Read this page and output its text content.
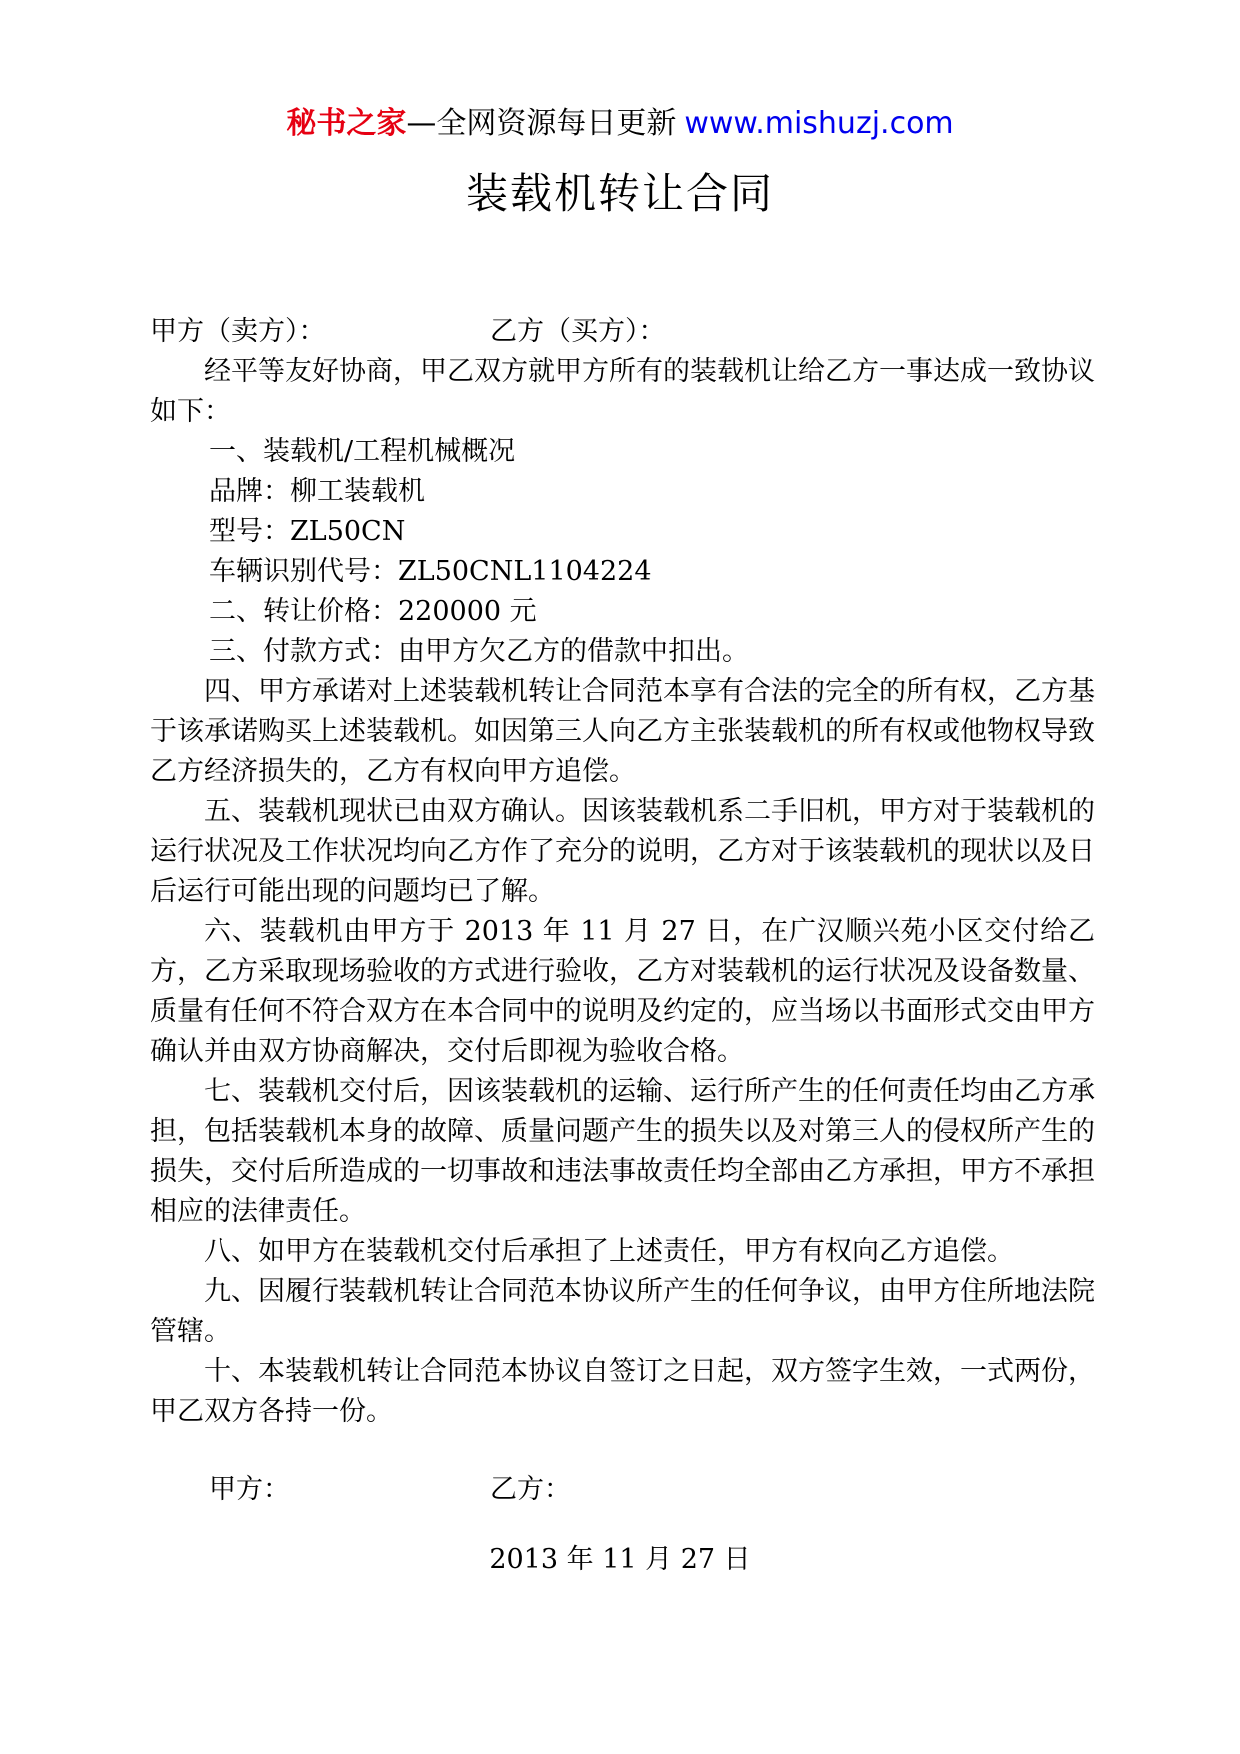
秘书之家—全网资源每日更新 www.mishuzj.com
装载机转让合同
甲方（卖方）：	乙方（买方）：

经平等友好协商，甲乙双方就甲方所有的装载机让给乙方一事达成一致协议如下：

一、装载机/工程机械概况

品牌：柳工装载机

型号：ZL50CN

车辆识别代号：ZL50CNL1104224

二、转让价格：220000 元

三、付款方式：由甲方欠乙方的借款中扣出。

四、甲方承诺对上述装载机转让合同范本享有合法的完全的所有权，乙方基于该承诺购买上述装载机。如因第三人向乙方主张装载机的所有权或他物权导致乙方经济损失的，乙方有权向甲方追偿。

五、装载机现状已由双方确认。因该装载机系二手旧机，甲方对于装载机的运行状况及工作状况均向乙方作了充分的说明，乙方对于该装载机的现状以及日后运行可能出现的问题均已了解。

六、装载机由甲方于 2013 年 11 月 27 日，在广汉顺兴苑小区交付给乙方，乙方采取现场验收的方式进行验收，乙方对装载机的运行状况及设备数量、质量有任何不符合双方在本合同中的说明及约定的，应当场以书面形式交由甲方确认并由双方协商解决，交付后即视为验收合格。

七、装载机交付后，因该装载机的运输、运行所产生的任何责任均由乙方承担，包括装载机本身的故障、质量问题产生的损失以及对第三人的侵权所产生的损失，交付后所造成的一切事故和违法事故责任均全部由乙方承担，甲方不承担相应的法律责任。

八、如甲方在装载机交付后承担了上述责任，甲方有权向乙方追偿。

九、因履行装载机转让合同范本协议所产生的任何争议，由甲方住所地法院管辖。

十、本装载机转让合同范本协议自签订之日起，双方签字生效，一式两份，甲乙双方各持一份。

甲方：	乙方：
2013 年 11 月 27 日
